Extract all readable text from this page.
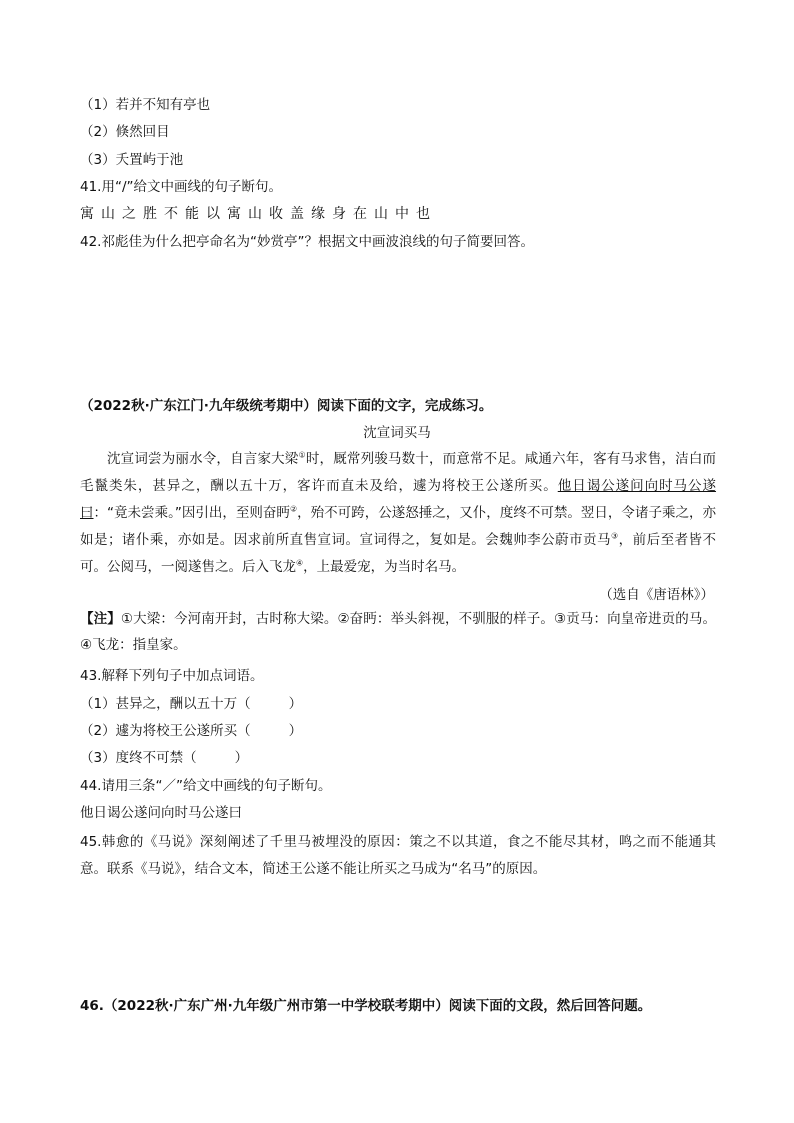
（1）若并不知有亭也
（2）倏然回目
（3）夭置屿于池
41.用“/”给文中画线的句子断句。
寓山之胜不能以寓山收盖缘身在山中也
42.祁彪佳为什么把亭命名为“妙赏亭”？根据文中画波浪线的句子简要回答。
（2022秋·广东江门·九年级统考期中）阅读下面的文字，完成练习。
沈宣词买马
沈宣词尝为丽水令，自言家大梁①时，厩常列骏马数十，而意常不足。咸通六年，客有马求售，洁白而毛鬣类朱，甚异之，酬以五十万，客许而直未及给，遽为将校王公遂所买。他日谒公遂问向时马公遂曰：“竟未尝乘。”因引出，至则奋眄②，殆不可跨，公遂怒捶之，又仆，度终不可禁。翌日，令诸子乘之，亦如是；诸仆乘，亦如是。因求前所直售宣词。宣词得之，复如是。会魏帅李公蔚市贡马③，前后至者皆不可。公阅马，一阅遂售之。后入飞龙④，上最爱宠，为当时名马。
（选自《唐语林》）
【注】①大梁：今河南开封，古时称大梁。②奋眄：举头斜视，不驯服的样子。③贡马：向皇帝进贡的马。④飞龙：指皇家。
43.解释下列句子中加点词语。
（1）甚异之，酬以五十万（	）
（2）遽为将校王公遂所买（	）
（3）度终不可禁（	）
44.请用三条“／”给文中画线的句子断句。
他日谒公遂问向时马公遂曰
45.韩愈的《马说》深刻阐述了千里马被埋没的原因：策之不以其道，食之不能尽其材，鸣之而不能通其意。联系《马说》，结合文本，简述王公遂不能让所买之马成为“名马”的原因。
46.（2022秋·广东广州·九年级广州市第一中学校联考期中）阅读下面的文段，然后回答问题。
